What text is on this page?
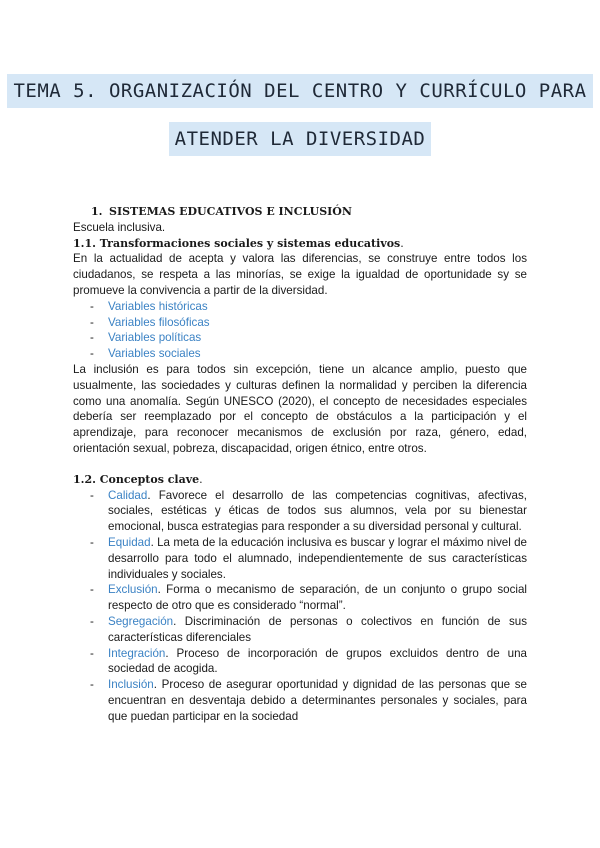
TEMA 5. ORGANIZACIÓN DEL CENTRO Y CURRÍCULO PARA
ATENDER LA DIVERSIDAD

1. SISTEMAS EDUCATIVOS E INCLUSIÓN

Escuela inclusiva.

1.1. Transformaciones sociales y sistemas educativos.

En la actualidad de acepta y valora las diferencias, se construye entre todos los ciudadanos, se respeta a las minorías, se exige la igualdad de oportunidade sy se promueve la convivencia a partir de la diversidad.

- Variables históricas
- Variables filosóficas
- Variables políticas
- Variables sociales

La inclusión es para todos sin excepción, tiene un alcance amplio, puesto que usualmente, las sociedades y culturas definen la normalidad y perciben la diferencia como una anomalía. Según UNESCO (2020), el concepto de necesidades especiales debería ser reemplazado por el concepto de obstáculos a la participación y el aprendizaje, para reconocer mecanismos de exclusión por raza, género, edad, orientación sexual, pobreza, discapacidad, origen étnico, entre otros.

1.2. Conceptos clave.

- Calidad. Favorece el desarrollo de las competencias cognitivas, afectivas, sociales, estéticas y éticas de todos sus alumnos, vela por su bienestar emocional, busca estrategias para responder a su diversidad personal y cultural.
- Equidad. La meta de la educación inclusiva es buscar y lograr el máximo nivel de desarrollo para todo el alumnado, independientemente de sus características individuales y sociales.
- Exclusión. Forma o mecanismo de separación, de un conjunto o grupo social respecto de otro que es considerado “normal”.
- Segregación. Discriminación de personas o colectivos en función de sus características diferenciales
- Integración. Proceso de incorporación de grupos excluidos dentro de una sociedad de acogida.
- Inclusión. Proceso de asegurar oportunidad y dignidad de las personas que se encuentran en desventaja debido a determinantes personales y sociales, para que puedan participar en la sociedad
